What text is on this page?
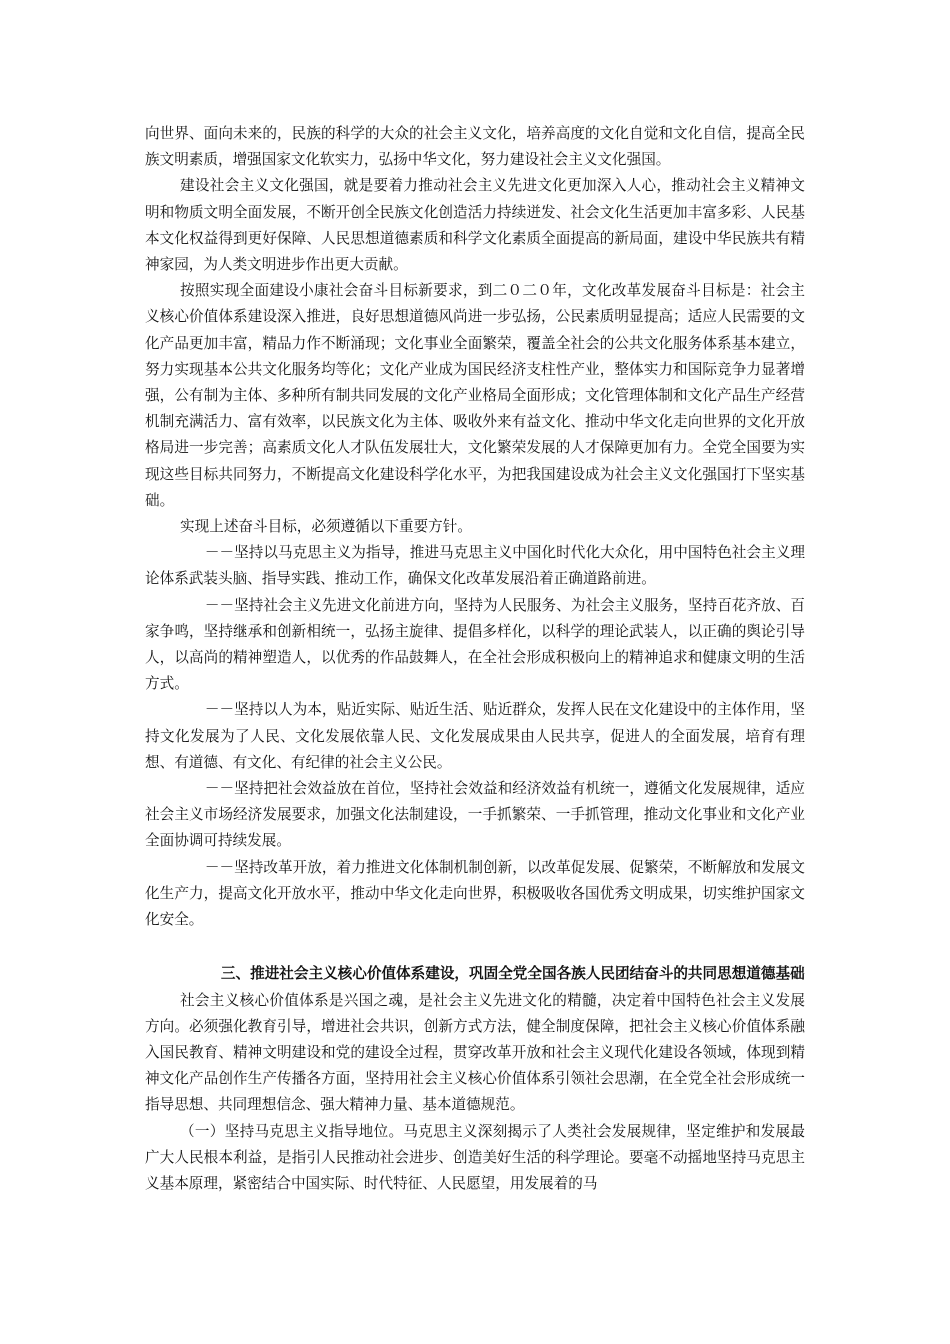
向世界、面向未来的，民族的科学的大众的社会主义文化，培养高度的文化自觉和文化自信，提高全民族文明素质，增强国家文化软实力，弘扬中华文化，努力建设社会主义文化强国。

建设社会主义文化强国，就是要着力推动社会主义先进文化更加深入人心，推动社会主义精神文明和物质文明全面发展，不断开创全民族文化创造活力持续迸发、社会文化生活更加丰富多彩、人民基本文化权益得到更好保障、人民思想道德素质和科学文化素质全面提高的新局面，建设中华民族共有精神家园，为人类文明进步作出更大贡献。

按照实现全面建设小康社会奋斗目标新要求，到二０二０年，文化改革发展奋斗目标是：社会主义核心价值体系建设深入推进，良好思想道德风尚进一步弘扬，公民素质明显提高；适应人民需要的文化产品更加丰富，精品力作不断涌现；文化事业全面繁荣，覆盖全社会的公共文化服务体系基本建立，努力实现基本公共文化服务均等化；文化产业成为国民经济支柱性产业，整体实力和国际竞争力显著增强，公有制为主体、多种所有制共同发展的文化产业格局全面形成；文化管理体制和文化产品生产经营机制充满活力、富有效率，以民族文化为主体、吸收外来有益文化、推动中华文化走向世界的文化开放格局进一步完善；高素质文化人才队伍发展壮大，文化繁荣发展的人才保障更加有力。全党全国要为实现这些目标共同努力，不断提高文化建设科学化水平，为把我国建设成为社会主义文化强国打下坚实基础。

实现上述奋斗目标，必须遵循以下重要方针。

－－坚持以马克思主义为指导，推进马克思主义中国化时代化大众化，用中国特色社会主义理论体系武装头脑、指导实践、推动工作，确保文化改革发展沿着正确道路前进。

－－坚持社会主义先进文化前进方向，坚持为人民服务、为社会主义服务，坚持百花齐放、百家争鸣，坚持继承和创新相统一，弘扬主旋律、提倡多样化，以科学的理论武装人，以正确的舆论引导人，以高尚的精神塑造人，以优秀的作品鼓舞人，在全社会形成积极向上的精神追求和健康文明的生活方式。

－－坚持以人为本，贴近实际、贴近生活、贴近群众，发挥人民在文化建设中的主体作用，坚持文化发展为了人民、文化发展依靠人民、文化发展成果由人民共享，促进人的全面发展，培育有理想、有道德、有文化、有纪律的社会主义公民。

－－坚持把社会效益放在首位，坚持社会效益和经济效益有机统一，遵循文化发展规律，适应社会主义市场经济发展要求，加强文化法制建设，一手抓繁荣、一手抓管理，推动文化事业和文化产业全面协调可持续发展。

－－坚持改革开放，着力推进文化体制机制创新，以改革促发展、促繁荣，不断解放和发展文化生产力，提高文化开放水平，推动中华文化走向世界，积极吸收各国优秀文明成果，切实维护国家文化安全。

三、推进社会主义核心价值体系建设，巩固全党全国各族人民团结奋斗的共同思想道德基础

社会主义核心价值体系是兴国之魂，是社会主义先进文化的精髓，决定着中国特色社会主义发展方向。必须强化教育引导，增进社会共识，创新方式方法，健全制度保障，把社会主义核心价值体系融入国民教育、精神文明建设和党的建设全过程，贯穿改革开放和社会主义现代化建设各领域，体现到精神文化产品创作生产传播各方面，坚持用社会主义核心价值体系引领社会思潮，在全党全社会形成统一指导思想、共同理想信念、强大精神力量、基本道德规范。

（一）坚持马克思主义指导地位。马克思主义深刻揭示了人类社会发展规律，坚定维护和发展最广大人民根本利益，是指引人民推动社会进步、创造美好生活的科学理论。要毫不动摇地坚持马克思主义基本原理，紧密结合中国实际、时代特征、人民愿望，用发展着的马
